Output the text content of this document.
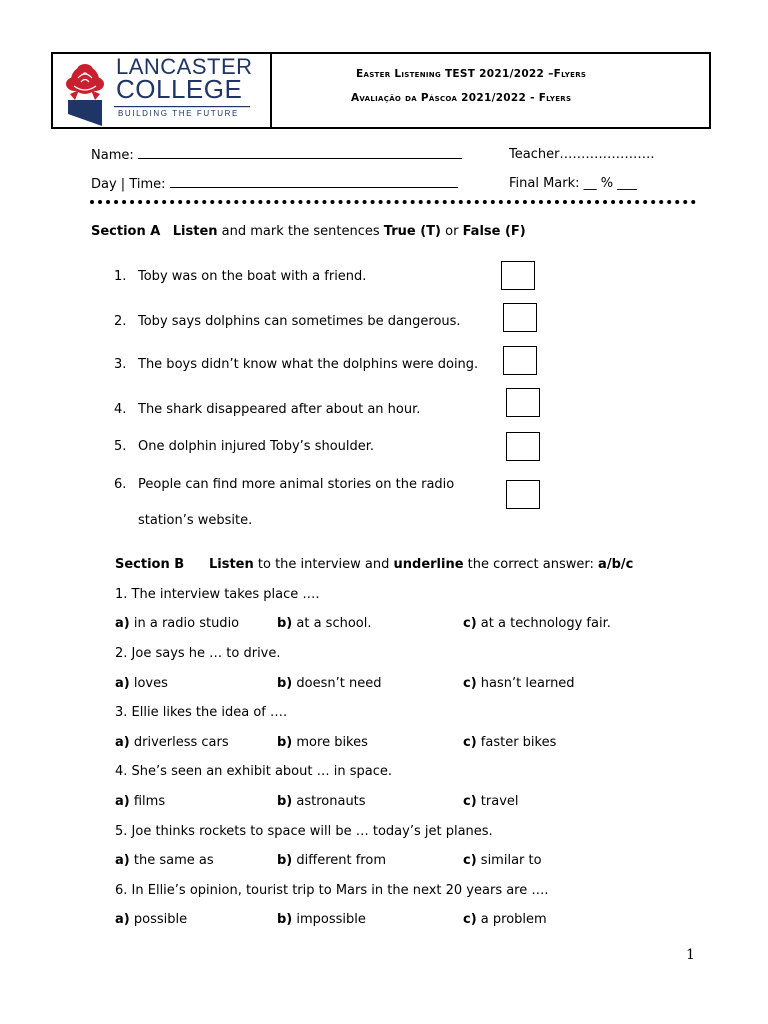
LANCASTER
COLLEGE
BUILDING THE FUTURE
Easter Listening TEST 2021/2022 –Flyers
Avaliação da Páscoa 2021/2022 - Flyers
Name:	Teacher………………….
Day | Time:	Final Mark: __ % ___
Section A Listen and mark the sentences True (T) or False (F)
1. Toby was on the boat with a friend.
2. Toby says dolphins can sometimes be dangerous.
3. The boys didn’t know what the dolphins were doing.
4. The shark disappeared after about an hour.
5. One dolphin injured Toby’s shoulder.
6. People can find more animal stories on the radio
station’s website.
Section B Listen to the interview and underline the correct answer: a/b/c
1. The interview takes place ….
a) in a radio studio	b) at a school.	c) at a technology fair.
2. Joe says he … to drive.
a) loves	b) doesn’t need	c) hasn’t learned
3. Ellie likes the idea of ….
a) driverless cars	b) more bikes	c) faster bikes
4. She’s seen an exhibit about … in space.
a) films	b) astronauts	c) travel
5. Joe thinks rockets to space will be … today’s jet planes.
a) the same as	b) different from	c) similar to
6. In Ellie’s opinion, tourist trip to Mars in the next 20 years are ….
a) possible	b) impossible	c) a problem
1
